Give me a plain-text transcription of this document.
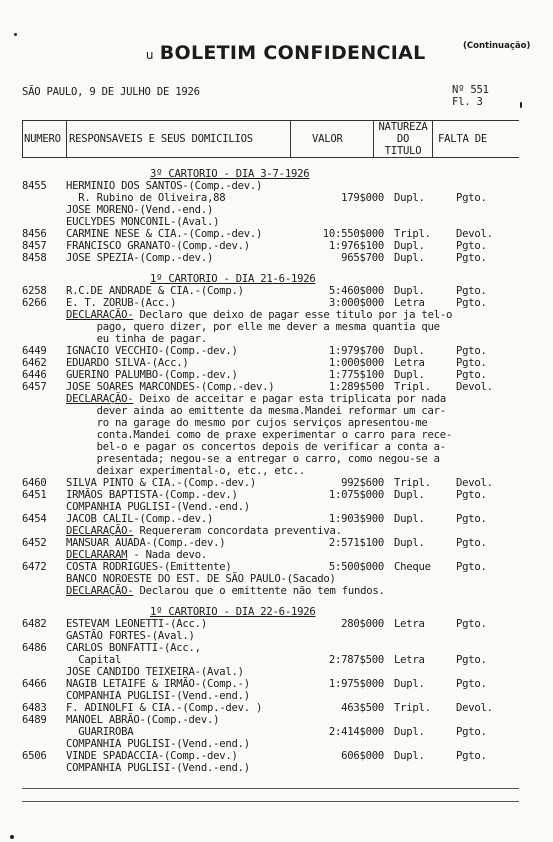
u BOLETIM CONFIDENCIAL	(Continuação)
SÃO PAULO, 9 DE JULHO DE 1926	Nº 551
Fl. 3
NUMERO RESPONSAVEIS E SEUS DOMICILIOS	VALOR
NATUREZA
DO
TITULO
FALTA DE
3º CARTORIO - DIA 3-7-1926
8455 HERMINIO DOS SANTOS-(Comp.-dev.)
R. Rubino de Oliveira,88	179$000 Dupl.	Pgto.
JOSE MORENO-(Vend.-end.)
EUCLYDES MONCONIL-(Aval.)
8456 CARMINE NESE & CIA.-(Comp.-dev.)	10:550$000 Tripl. Devol.
8457 FRANCISCO GRANATO-(Comp.-dev.)	1:976$100 Dupl.	Pgto.
8458 JOSE SPEZIA-(Comp.-dev.)	965$700 Dupl.	Pgto.
1º CARTORIO - DIA 21-6-1926
6258 R.C.DE ANDRADE & CIA.-(Comp.)	5:460$000 Dupl.	Pgto.
6266 E. T. ZORUB-(Acc.)	3:000$000 Letra	Pgto.
DECLARAÇÃO- Declaro que deixo de pagar esse titulo por ja tel-o
pago, quero dizer, por elle me dever a mesma quantia que
eu tinha de pagar.
6449 IGNACIO VECCHIO-(Comp.-dev.)	1:979$700 Dupl.	Pgto.
6462 EDUARDO SILVA-(Acc.)	1:000$000 Letra	Pgto.
6446 GUERINO PALUMBO-(Comp.-dev.)	1:775$100 Dupl.	Pgto.
6457 JOSE SOARES MARCONDES-(Comp.-dev.)	1:289$500 Tripl. Devol.
DECLARAÇÃO- Deixo de acceitar e pagar esta triplicata por nada
dever ainda ao emittente da mesma.Mandei reformar um car-
ro na garage do mesmo por cujos serviços apresentou-me
conta.Mandei como de praxe experimentar o carro para rece-
bel-o e pagar os concertos depois de verificar a conta a-
presentada; negou-se a entregar o carro, como negou-se a
deixar experimental-o, etc., etc..
6460 SILVA PINTO & CIA.-(Comp.-dev.)	992$600 Tripl. Devol.
6451 IRMÃOS BAPTISTA-(Comp.-dev.)	1:075$000 Dupl.	Pgto.
COMPANHIA PUGLISI-(Vend.-end.)
6454 JACOB CALIL-(Comp.-dev.)	1:903$900 Dupl.	Pgto.
DECLARAÇÃO- Requereram concordata preventiva.
6452 MANSUAR AUADA-(Comp.-dev.)	2:571$100 Dupl.	Pgto.
DECLARARAM - Nada devo.
6472 COSTA RODRIGUES-(Emittente)	5:500$000 Cheque Pgto.
BANCO NOROESTE DO EST. DE SÃO PAULO-(Sacado)
DECLARAÇÃO- Declarou que o emittente não tem fundos.
1º CARTORIO - DIA 22-6-1926
6482 ESTEVAM LEONETTI-(Acc.)	280$000 Letra	Pgto.
GASTÃO FORTES-(Aval.)
6486 CARLOS BONFATTI-(Acc.,
Capital	2:787$500 Letra	Pgto.
JOSE CANDIDO TEIXEIRA-(Aval.)
6466 NAGIB LETAIFE & IRMÃO-(Comp.-)	1:975$000 Dupl.	Pgto.
COMPANHIA PUGLISI-(Vend.-end.)
6483 F. ADINOLFI & CIA.-(Comp.-dev. )	463$500 Tripl. Devol.
6489 MANOEL ABRÃO-(Comp.-dev.)
GUARIROBA	2:414$000 Dupl.	Pgto.
COMPANHIA PUGLISI-(Vend.-end.)
6506 VINDE SPADACCIA-(Comp.-dev.)	606$000 Dupl.	Pgto.
COMPANHIA PUGLISI-(Vend.-end.)
